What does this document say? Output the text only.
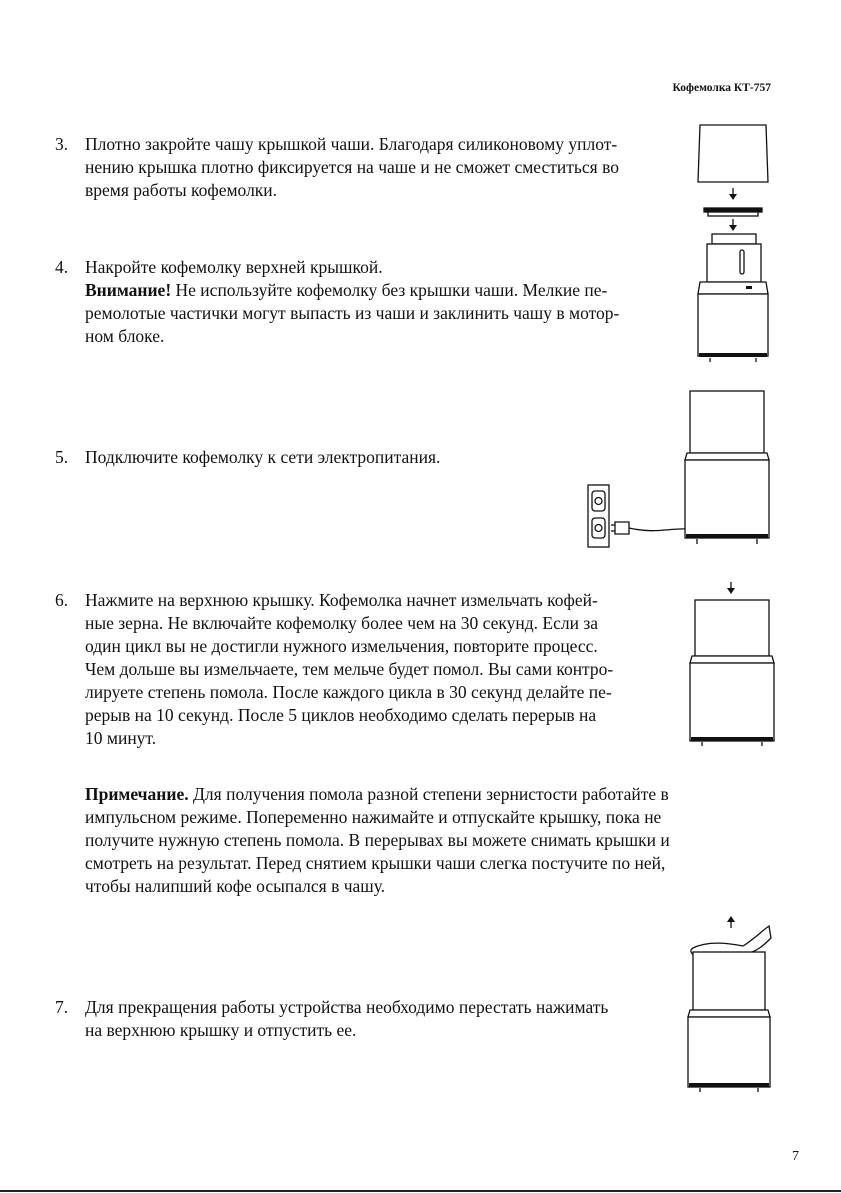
Кофемолка КТ-757
3. Плотно закройте чашу крышкой чаши. Благодаря силиконовому уплот-
нению крышка плотно фиксируется на чаше и не сможет сместиться во
время работы кофемолки.
4. Накройте кофемолку верхней крышкой.
Внимание! Не используйте кофемолку без крышки чаши. Мелкие пе-
ремолотые частички могут выпасть из чаши и заклинить чашу в мотор-
ном блоке.
5. Подключите кофемолку к сети электропитания.
6. Нажмите на верхнюю крышку. Кофемолка начнет измельчать кофей-
ные зерна. Не включайте кофемолку более чем на 30 секунд. Если за
один цикл вы не достигли нужного измельчения, повторите процесс.
Чем дольше вы измельчаете, тем мельче будет помол. Вы сами контро-
лируете степень помола. После каждого цикла в 30 секунд делайте пе-
рерыв на 10 секунд. После 5 циклов необходимо сделать перерыв на
10 минут.
Примечание. Для получения помола разной степени зернистости работайте в
импульсном режиме. Попеременно нажимайте и отпускайте крышку, пока не
получите нужную степень помола. В перерывах вы можете снимать крышки и
смотреть на результат. Перед снятием крышки чаши слегка постучите по ней,
чтобы налипший кофе осыпался в чашу.
7. Для прекращения работы устройства необходимо перестать нажимать
на верхнюю крышку и отпустить ее.
7
